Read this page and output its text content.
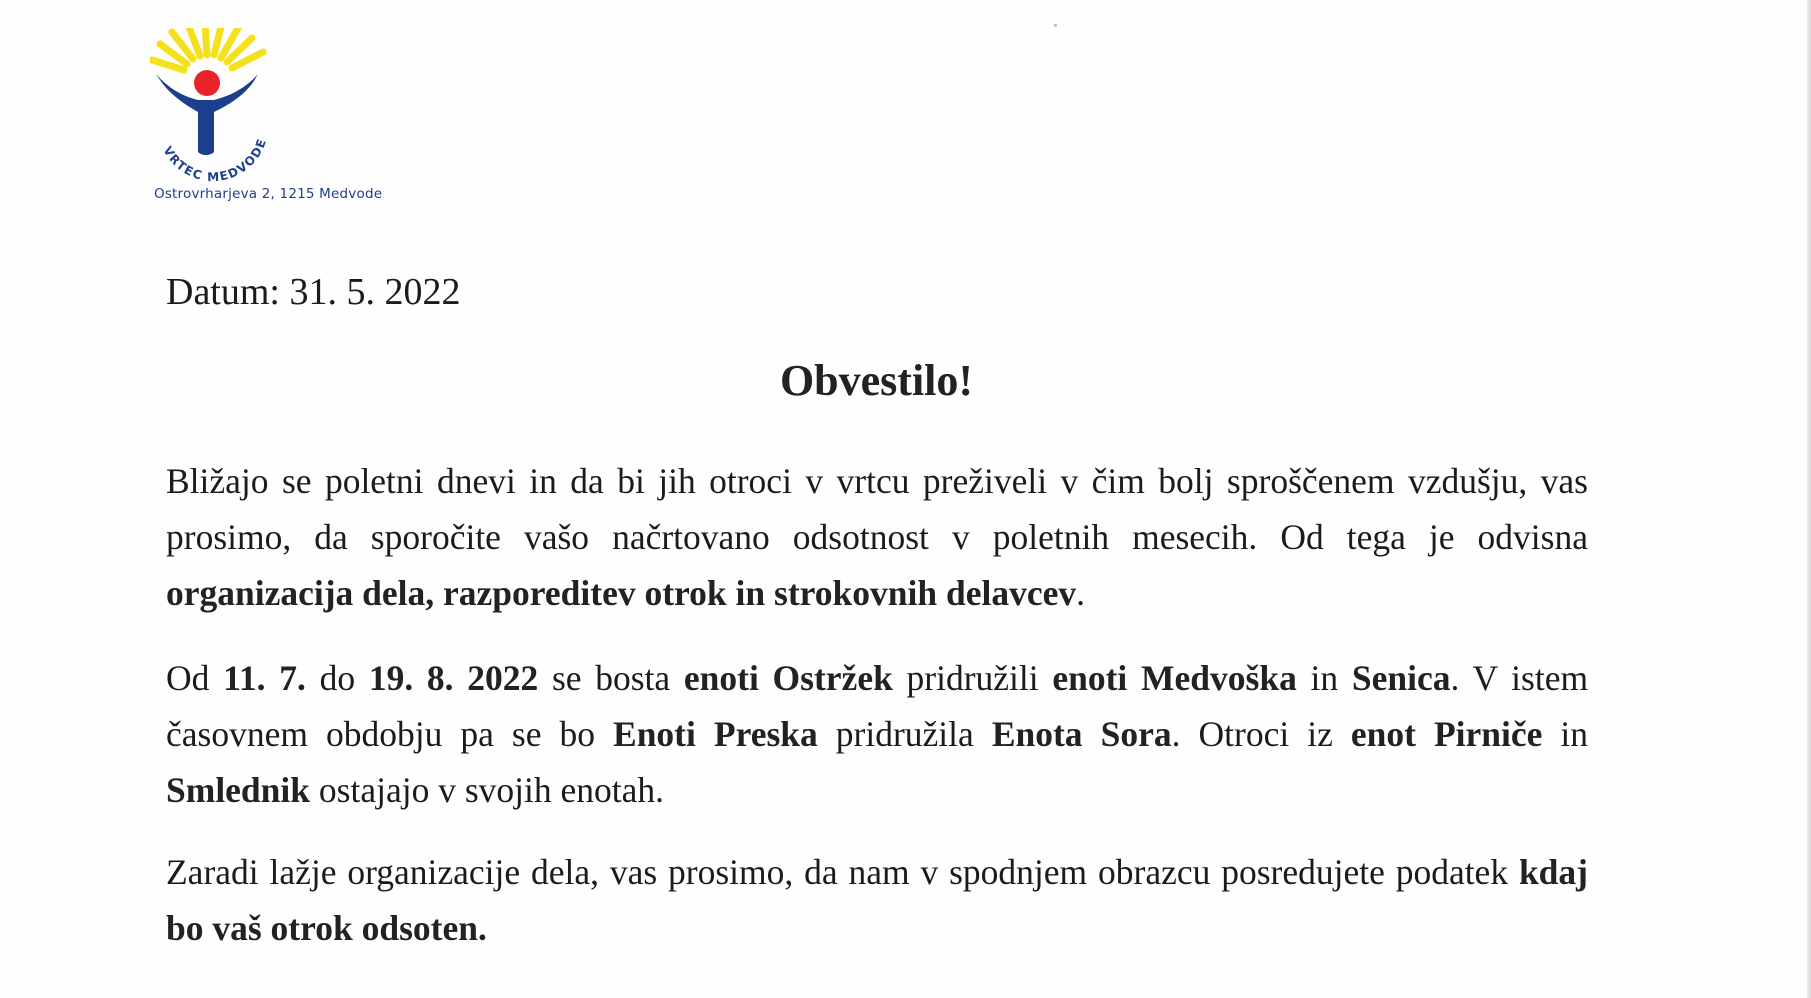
VRTEC MEDVODE
Ostrovrharjeva 2, 1215 Medvode
Datum: 31. 5. 2022
Obvestilo!

Bližajo se poletni dnevi in da bi jih otroci v vrtcu preživeli v čim bolj sproščenem vzdušju, vas prosimo, da sporočite vašo načrtovano odsotnost v poletnih mesecih. Od tega je odvisna organizacija dela, razporeditev otrok in strokovnih delavcev.

Od 11. 7. do 19. 8. 2022 se bosta enoti Ostržek pridružili enoti Medvoška in Senica. V istem časovnem obdobju pa se bo Enoti Preska pridružila Enota Sora. Otroci iz enot Pirniče in Smlednik ostajajo v svojih enotah.

Zaradi lažje organizacije dela, vas prosimo, da nam v spodnjem obrazcu posredujete podatek kdaj bo vaš otrok odsoten.
